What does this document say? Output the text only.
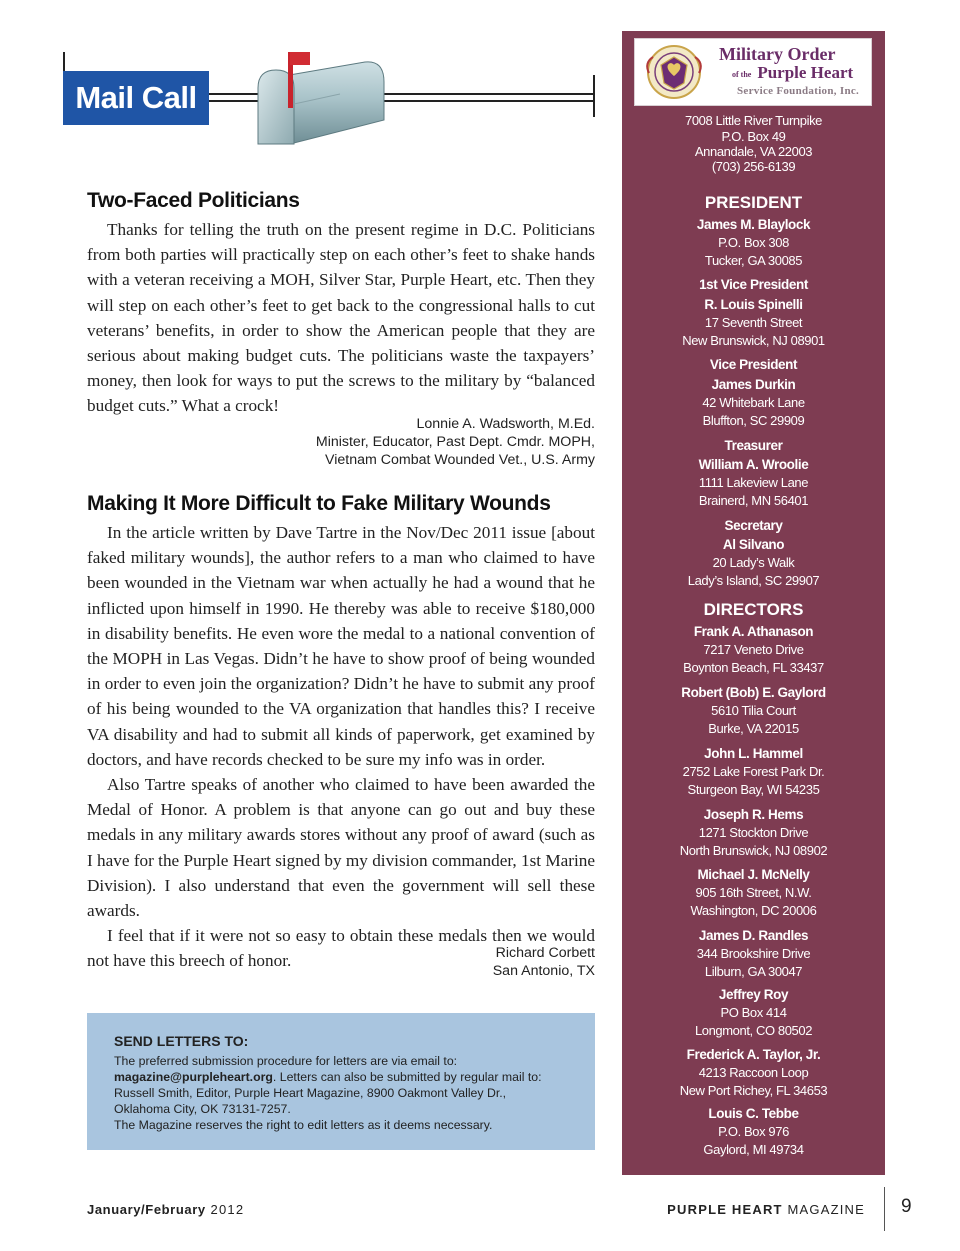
Mail Call
Two-Faced Politicians

Thanks for telling the truth on the present regime in D.C. Politicians from both parties will practically step on each other’s feet to shake hands with a veteran receiving a MOH, Silver Star, Purple Heart, etc. Then they will step on each other’s feet to get back to the congressional halls to cut veterans’ benefits, in order to show the American people that they are serious about making budget cuts. The politicians waste the taxpayers’ money, then look for ways to put the screws to the military by “balanced budget cuts.” What a crock!

Lonnie A. Wadsworth, M.Ed.
Minister, Educator, Past Dept. Cmdr. MOPH,
Vietnam Combat Wounded Vet., U.S. Army
Making It More Difficult to Fake Military Wounds

In the article written by Dave Tartre in the Nov/Dec 2011 issue [about faked military wounds], the author refers to a man who claimed to have been wounded in the Vietnam war when actually he had a wound that he inflicted upon himself in 1990. He thereby was able to receive $180,000 in disability benefits. He even wore the medal to a national convention of the MOPH in Las Vegas. Didn’t he have to show proof of being wounded in order to even join the organization? Didn’t he have to submit any proof of his being wounded to the VA organization that handles this? I receive VA disability and had to submit all kinds of paperwork, get examined by doctors, and have records checked to be sure my info was in order.

Also Tartre speaks of another who claimed to have been awarded the Medal of Honor. A problem is that anyone can go out and buy these medals in any military awards stores without any proof of award (such as I have for the Purple Heart signed by my division commander, 1st Marine Division). I also understand that even the government will sell these awards.

I feel that if it were not so easy to obtain these medals then we would not have this breech of honor.	Richard Corbett
San Antonio, TX
SEND LETTERS TO:
The preferred submission procedure for letters are via email to:
magazine@purpleheart.org. Letters can also be submitted by regular mail to:
Russell Smith, Editor, Purple Heart Magazine, 8900 Oakmont Valley Dr.,
Oklahoma City, OK 73131-7257.
The Magazine reserves the right to edit letters as it deems necessary.
Military Order
of the Purple Heart
Service Foundation, Inc.
7008 Little River Turnpike
P.O. Box 49
Annandale, VA 22003
(703) 256-6139
PRESIDENT
James M. Blaylock
P.O. Box 308
Tucker, GA 30085
1st Vice President
R. Louis Spinelli
17 Seventh Street
New Brunswick, NJ 08901
Vice President
James Durkin
42 Whitebark Lane
Bluffton, SC 29909
Treasurer
William A. Wroolie
1111 Lakeview Lane
Brainerd, MN 56401
Secretary
Al Silvano
20 Lady’s Walk
Lady’s Island, SC 29907
DIRECTORS
Frank A. Athanason
7217 Veneto Drive
Boynton Beach, FL 33437
Robert (Bob) E. Gaylord
5610 Tilia Court
Burke, VA 22015
John L. Hammel
2752 Lake Forest Park Dr.
Sturgeon Bay, WI 54235
Joseph R. Hems
1271 Stockton Drive
North Brunswick, NJ 08902
Michael J. McNelly
905 16th Street, N.W.
Washington, DC 20006
James D. Randles
344 Brookshire Drive
Lilburn, GA 30047
Jeffrey Roy
PO Box 414
Longmont, CO 80502
Frederick A. Taylor, Jr.
4213 Raccoon Loop
New Port Richey, FL 34653
Louis C. Tebbe
P.O. Box 976
Gaylord, MI 49734
January/February 2012	PURPLE HEART MAGAZINE 9
